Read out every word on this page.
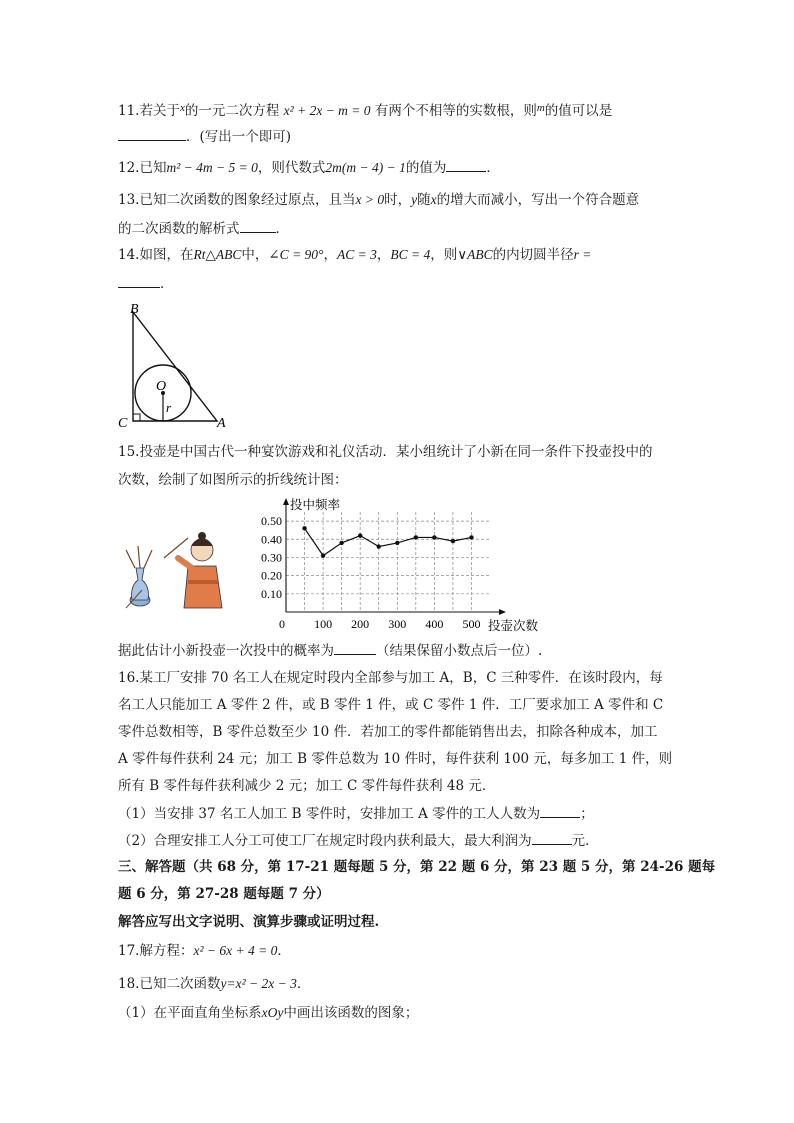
11.若关于$^x$的一元二次方程 x² + 2x − m = 0 有两个不相等的实数根，则$^m$的值可以是
．(写出一个即可)
12.已知m² − 4m − 5 = 0，则代数式2m(m − 4) − 1的值为	．
13.已知二次函数的图象经过原点，且当x > 0时，y随x的增大而减小，写出一个符合题意
的二次函数的解析式	．
14.如图，在Rt△ABC中，∠C = 90°，AC = 3，BC = 4，则∨ABC的内切圆半径r =
．
B
C	A
O
r
15.投壶是中国古代一种宴饮游戏和礼仪活动．某小组统计了小新在同一条件下投壶投中的
次数，绘制了如图所示的折线统计图：
0.10
0.20
0.30
0.40
0.50
0 100 200 300 400 500
投中频率
投壶次数
据此估计小新投壶一次投中的概率为	（结果保留小数点后一位）.
16.某工厂安排 70 名工人在规定时段内全部参与加工 A，B，C 三种零件．在该时段内，每
名工人只能加工 A 零件 2 件，或 B 零件 1 件，或 C 零件 1 件．工厂要求加工 A 零件和 C
零件总数相等，B 零件总数至少 10 件．若加工的零件都能销售出去，扣除各种成本，加工
A 零件每件获利 24 元；加工 B 零件总数为 10 件时，每件获利 100 元，每多加工 1 件，则
所有 B 零件每件获利减少 2 元；加工 C 零件每件获利 48 元．
（1）当安排 37 名工人加工 B 零件时，安排加工 A 零件的工人人数为	；
（2）合理安排工人分工可使工厂在规定时段内获利最大，最大利润为	元．
三、解答题（共 68 分，第 17-21 题每题 5 分，第 22 题 6 分，第 23 题 5 分，第 24-26 题每
题 6 分，第 27-28 题每题 7 分）
解答应写出文字说明、演算步骤或证明过程.
17.解方程：x² − 6x + 4 = 0．
18.已知二次函数y=x² − 2x − 3．
（1）在平面直角坐标系xOy中画出该函数的图象；
